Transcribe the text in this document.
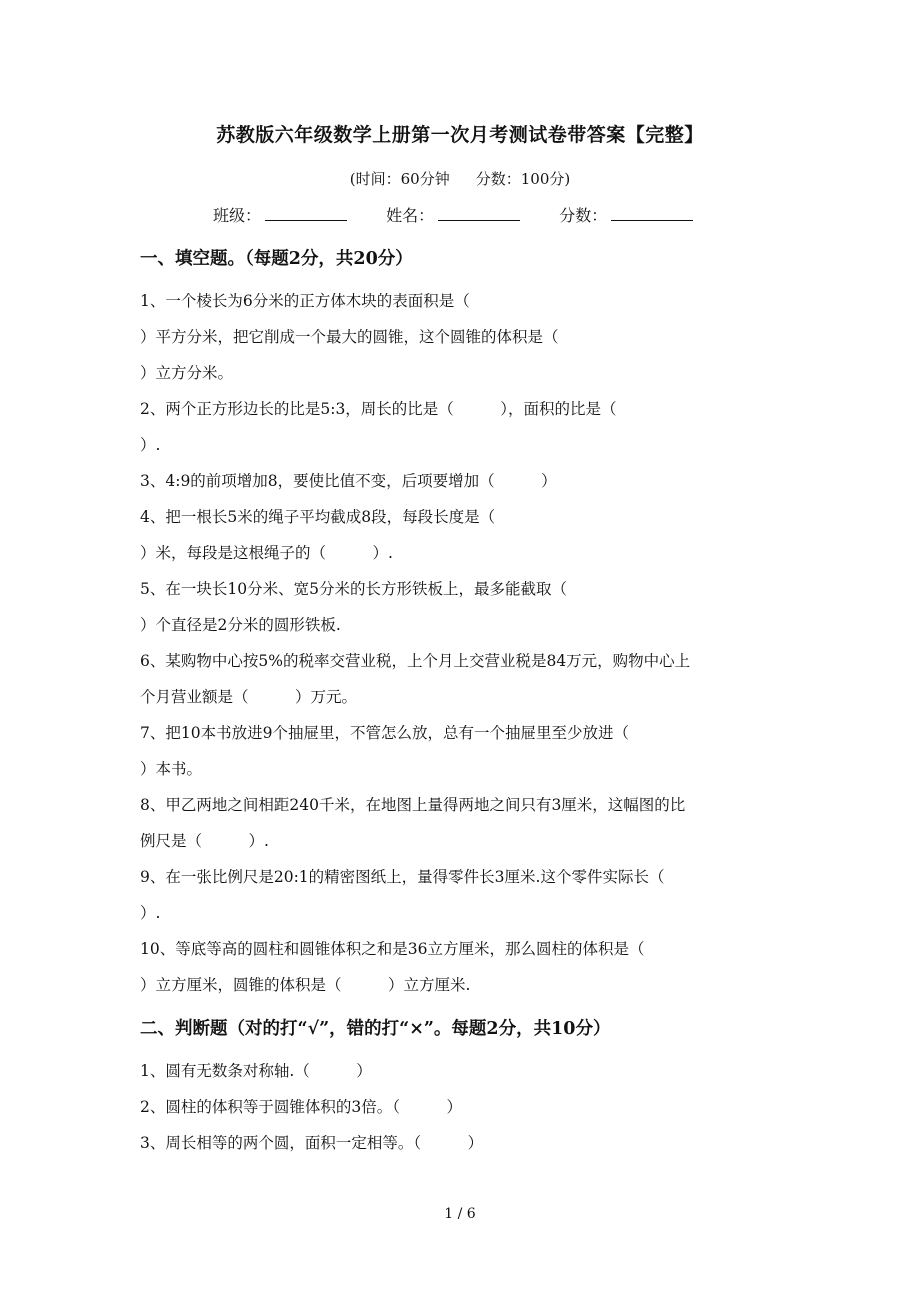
苏教版六年级数学上册第一次月考测试卷带答案【完整】
(时间：60分钟 分数：100分)
班级：	姓名：	分数：
一、填空题。（每题2分，共20分）
1、一个棱长为6分米的正方体木块的表面积是（
）平方分米，把它削成一个最大的圆锥，这个圆锥的体积是（
）立方分米。
2、两个正方形边长的比是5:3，周长的比是（　　　），面积的比是（
）.
3、4:9的前项增加8，要使比值不变，后项要增加（　　　）
4、把一根长5米的绳子平均截成8段，每段长度是（
）米，每段是这根绳子的（　　　）.
5、在一块长10分米、宽5分米的长方形铁板上，最多能截取（
）个直径是2分米的圆形铁板.
6、某购物中心按5%的税率交营业税，上个月上交营业税是84万元，购物中心上
个月营业额是（　　　）万元。
7、把10本书放进9个抽屉里，不管怎么放，总有一个抽屉里至少放进（
）本书。
8、甲乙两地之间相距240千米，在地图上量得两地之间只有3厘米，这幅图的比
例尺是（　　　）.
9、在一张比例尺是20:1的精密图纸上，量得零件长3厘米.这个零件实际长（
）.
10、等底等高的圆柱和圆锥体积之和是36立方厘米，那么圆柱的体积是（
）立方厘米，圆锥的体积是（　　　）立方厘米.
二、判断题（对的打“√”，错的打“×”。每题2分，共10分）
1、圆有无数条对称轴.（　　　）
2、圆柱的体积等于圆锥体积的3倍。（　　　）
3、周长相等的两个圆，面积一定相等。（　　　）
1 / 6
